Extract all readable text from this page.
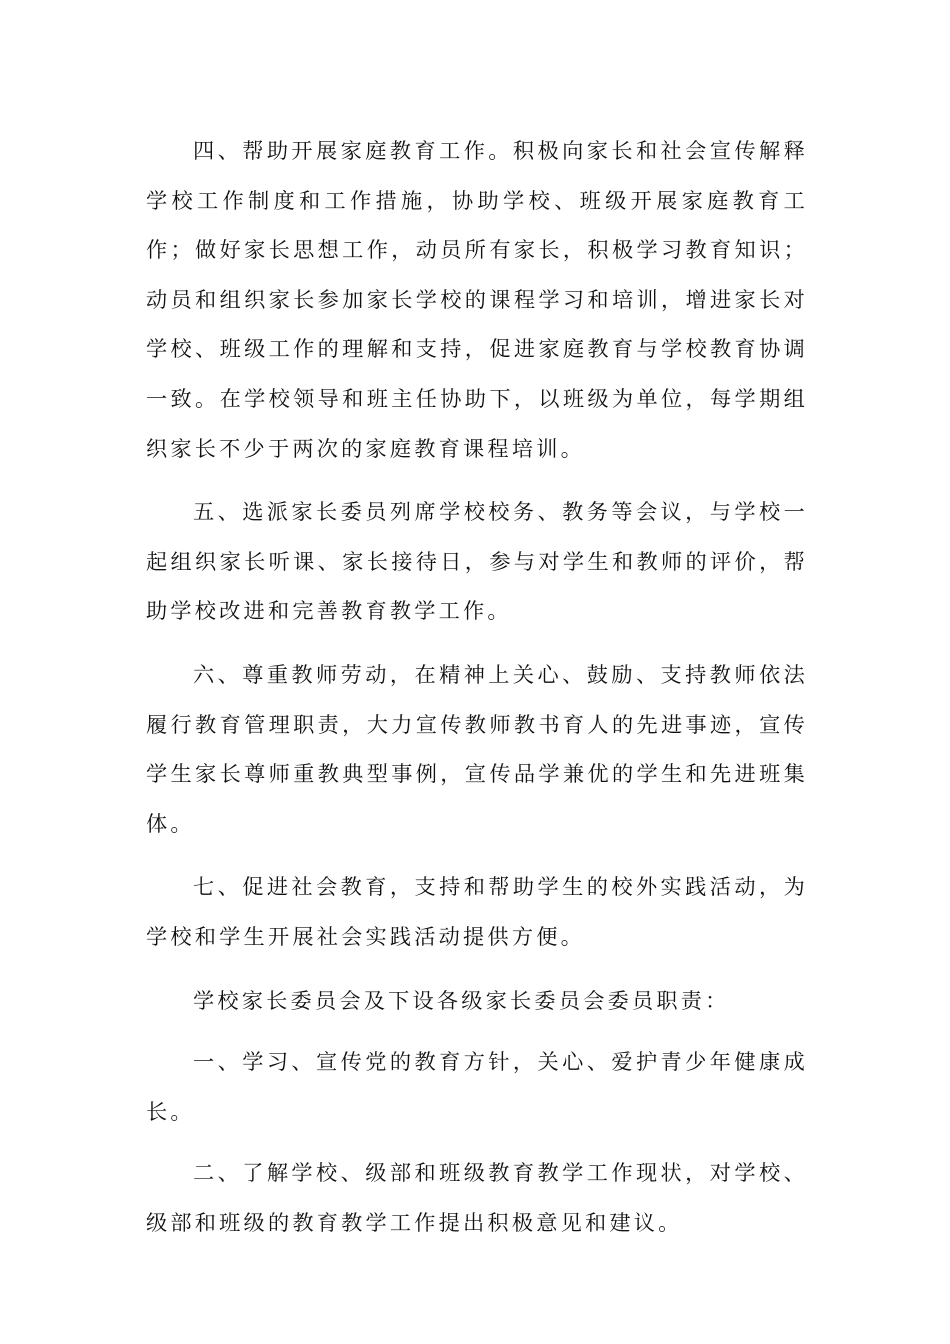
四、帮助开展家庭教育工作。积极向家长和社会宣传解释学校工作制度和工作措施，协助学校、班级开展家庭教育工作；做好家长思想工作，动员所有家长，积极学习教育知识；动员和组织家长参加家长学校的课程学习和培训，增进家长对学校、班级工作的理解和支持，促进家庭教育与学校教育协调一致。在学校领导和班主任协助下，以班级为单位，每学期组织家长不少于两次的家庭教育课程培训。

五、选派家长委员列席学校校务、教务等会议，与学校一起组织家长听课、家长接待日，参与对学生和教师的评价，帮助学校改进和完善教育教学工作。

六、尊重教师劳动，在精神上关心、鼓励、支持教师依法履行教育管理职责，大力宣传教师教书育人的先进事迹，宣传学生家长尊师重教典型事例，宣传品学兼优的学生和先进班集体。

七、促进社会教育，支持和帮助学生的校外实践活动，为学校和学生开展社会实践活动提供方便。

学校家长委员会及下设各级家长委员会委员职责：

一、学习、宣传党的教育方针，关心、爱护青少年健康成长。

二、了解学校、级部和班级教育教学工作现状，对学校、级部和班级的教育教学工作提出积极意见和建议。
